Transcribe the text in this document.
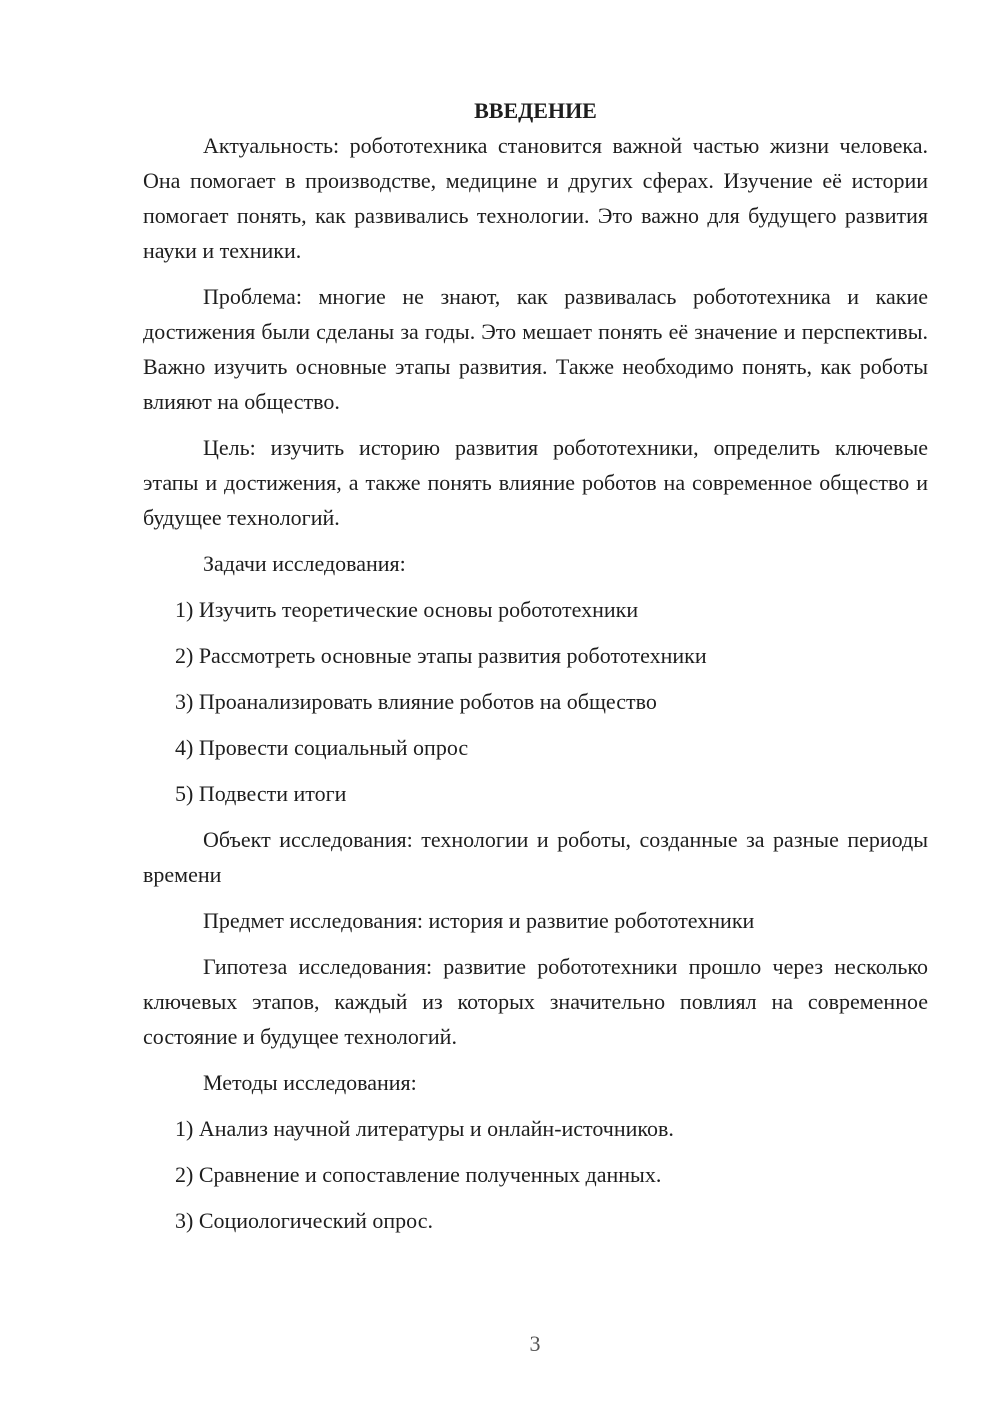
ВВЕДЕНИЕ

Актуальность: робототехника становится важной частью жизни человека. Она помогает в производстве, медицине и других сферах. Изучение её истории помогает понять, как развивались технологии. Это важно для будущего развития науки и техники.

Проблема: многие не знают, как развивалась робототехника и какие достижения были сделаны за годы. Это мешает понять её значение и перспективы. Важно изучить основные этапы развития. Также необходимо понять, как роботы влияют на общество.

Цель: изучить историю развития робототехники, определить ключевые этапы и достижения, а также понять влияние роботов на современное общество и будущее технологий.

Задачи исследования:

1) Изучить теоретические основы робототехники
2) Рассмотреть основные этапы развития робототехники
3) Проанализировать влияние роботов на общество
4) Провести социальный опрос
5) Подвести итоги

Объект исследования: технологии и роботы, созданные за разные периоды времени

Предмет исследования: история и развитие робототехники

Гипотеза исследования: развитие робототехники прошло через несколько ключевых этапов, каждый из которых значительно повлиял на современное состояние и будущее технологий.

Методы исследования:

1) Анализ научной литературы и онлайн-источников.
2) Сравнение и сопоставление полученных данных.
3) Социологический опрос.
3
